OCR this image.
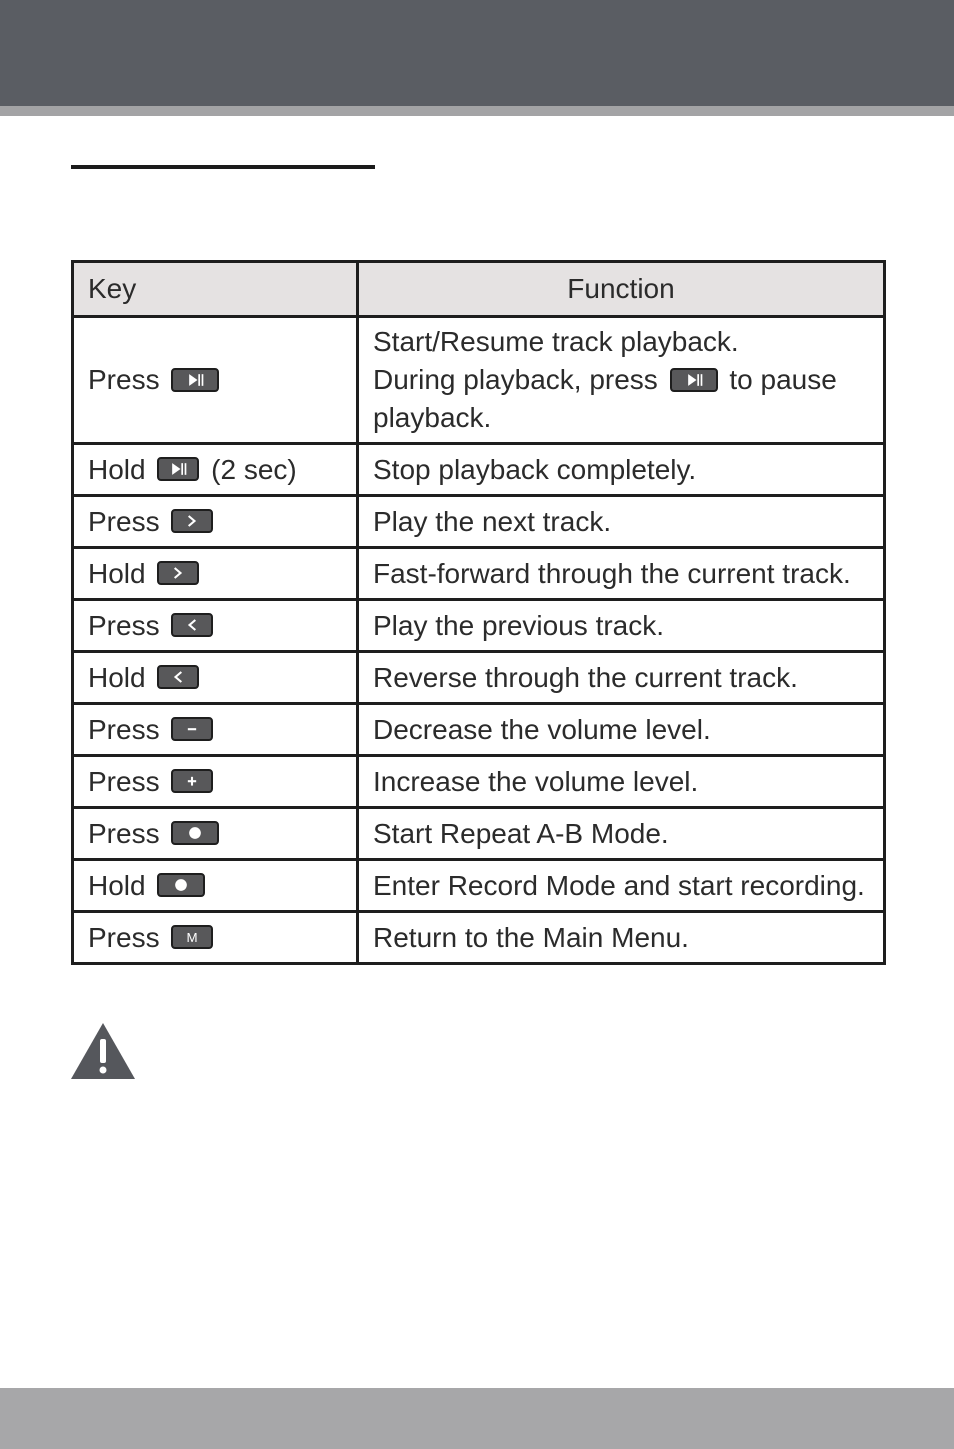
Key	Function
Press	Start/Resume track playback.
During playback, press to pause playback.
Hold (2 sec)	Stop playback completely.
Press	Play the next track.
Hold	Fast-forward through the current track.
Press	Play the previous track.
Hold	Reverse through the current track.
Press	Decrease the volume level.
Press	Increase the volume level.
Press	Start Repeat A-B Mode.
Hold	Enter Record Mode and start recording.
Press M	Return to the Main Menu.
